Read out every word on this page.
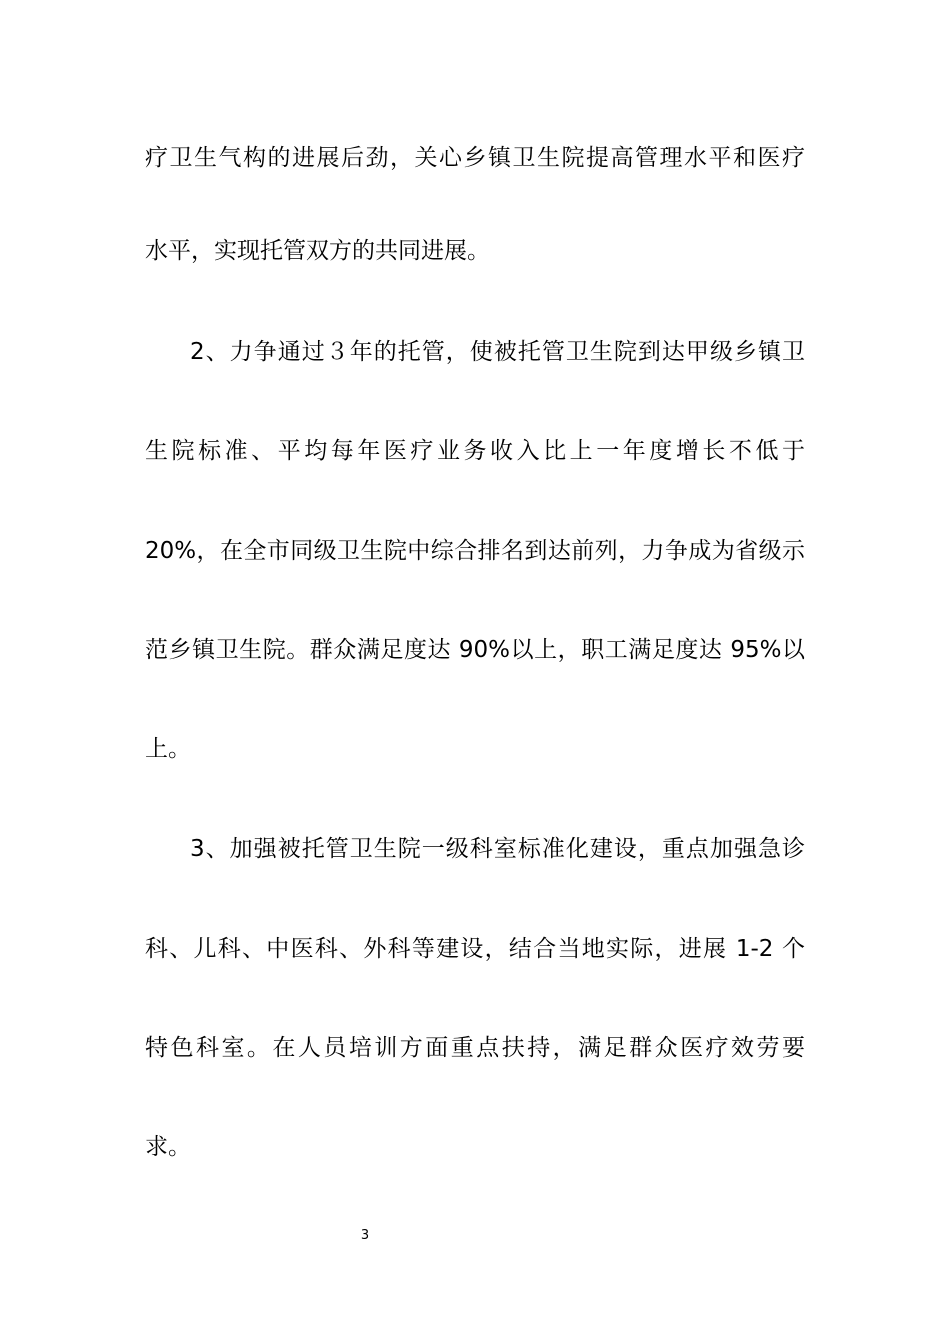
疗卫生气构的进展后劲，关心乡镇卫生院提高管理水平和医疗
水平，实现托管双方的共同进展。
2、力争通过３年的托管，使被托管卫生院到达甲级乡镇卫
生院标准、平均每年医疗业务收入比上一年度增长不低于
20%，在全市同级卫生院中综合排名到达前列，力争成为省级示
范乡镇卫生院。群众满足度达 90%以上，职工满足度达 95%以
上。
3、加强被托管卫生院一级科室标准化建设，重点加强急诊
科、儿科、中医科、外科等建设，结合当地实际，进展 1-2 个
特色科室。在人员培训方面重点扶持，满足群众医疗效劳要
求。
3
